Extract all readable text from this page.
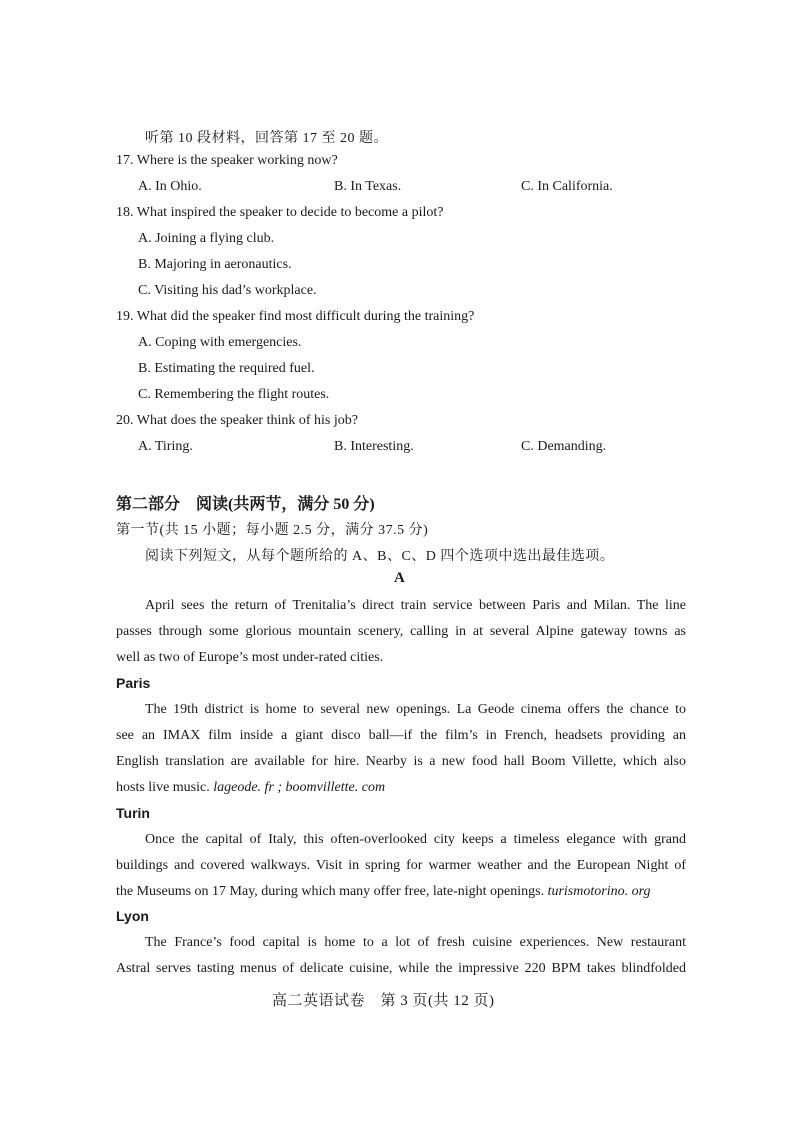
听第 10 段材料，回答第 17 至 20 题。
17. Where is the speaker working now?
A. In Ohio.	B. In Texas.	C. In California.
18. What inspired the speaker to decide to become a pilot?
A. Joining a flying club.
B. Majoring in aeronautics.
C. Visiting his dad’s workplace.
19. What did the speaker find most difficult during the training?
A. Coping with emergencies.
B. Estimating the required fuel.
C. Remembering the flight routes.
20. What does the speaker think of his job?
A. Tiring.	B. Interesting.	C. Demanding.
第二部分　阅读(共两节，满分 50 分)
第一节(共 15 小题；每小题 2.5 分，满分 37.5 分)
阅读下列短文，从每个题所给的 A、B、C、D 四个选项中选出最佳选项。
A
April sees the return of Trenitalia’s direct train service between Paris and Milan. The line
passes through some glorious mountain scenery, calling in at several Alpine gateway towns as
well as two of Europe’s most under-rated cities.
Paris
The 19th district is home to several new openings. La Geode cinema offers the chance to
see an IMAX film inside a giant disco ball—if the film’s in French, headsets providing an
English translation are available for hire. Nearby is a new food hall Boom Villette, which also
hosts live music. lageode. fr ; boomvillette. com
Turin
Once the capital of Italy, this often-overlooked city keeps a timeless elegance with grand
buildings and covered walkways. Visit in spring for warmer weather and the European Night of
the Museums on 17 May, during which many offer free, late-night openings. turismotorino. org
Lyon
The France’s food capital is home to a lot of fresh cuisine experiences. New restaurant
Astral serves tasting menus of delicate cuisine, while the impressive 220 BPM takes blindfolded
高二英语试卷　第 3 页(共 12 页)
